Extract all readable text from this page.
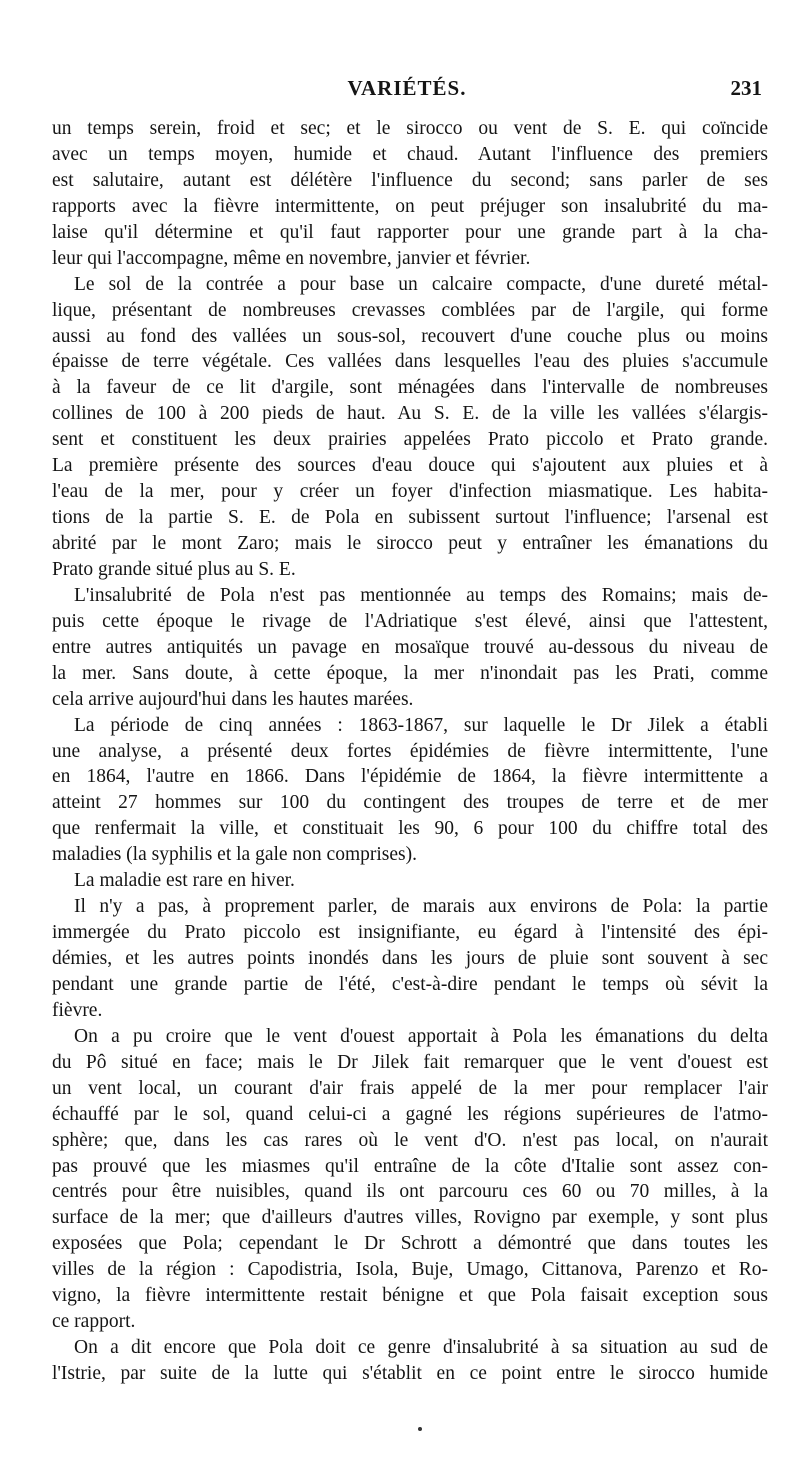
VARIÉTÉS.	231
un temps serein, froid et sec; et le sirocco ou vent de S. E. qui coïncide
avec un temps moyen, humide et chaud. Autant l'influence des premiers
est salutaire, autant est délétère l'influence du second; sans parler de ses
rapports avec la fièvre intermittente, on peut préjuger son insalubrité du ma-
laise qu'il détermine et qu'il faut rapporter pour une grande part à la cha-
leur qui l'accompagne, même en novembre, janvier et février.
Le sol de la contrée a pour base un calcaire compacte, d'une dureté métal-
lique, présentant de nombreuses crevasses comblées par de l'argile, qui forme
aussi au fond des vallées un sous-sol, recouvert d'une couche plus ou moins
épaisse de terre végétale. Ces vallées dans lesquelles l'eau des pluies s'accumule
à la faveur de ce lit d'argile, sont ménagées dans l'intervalle de nombreuses
collines de 100 à 200 pieds de haut. Au S. E. de la ville les vallées s'élargis-
sent et constituent les deux prairies appelées Prato piccolo et Prato grande.
La première présente des sources d'eau douce qui s'ajoutent aux pluies et à
l'eau de la mer, pour y créer un foyer d'infection miasmatique. Les habita-
tions de la partie S. E. de Pola en subissent surtout l'influence; l'arsenal est
abrité par le mont Zaro; mais le sirocco peut y entraîner les émanations du
Prato grande situé plus au S. E.
L'insalubrité de Pola n'est pas mentionnée au temps des Romains; mais de-
puis cette époque le rivage de l'Adriatique s'est élevé, ainsi que l'attestent,
entre autres antiquités un pavage en mosaïque trouvé au-dessous du niveau de
la mer. Sans doute, à cette époque, la mer n'inondait pas les Prati, comme
cela arrive aujourd'hui dans les hautes marées.
La période de cinq années : 1863-1867, sur laquelle le Dr Jilek a établi
une analyse, a présenté deux fortes épidémies de fièvre intermittente, l'une
en 1864, l'autre en 1866. Dans l'épidémie de 1864, la fièvre intermittente a
atteint 27 hommes sur 100 du contingent des troupes de terre et de mer
que renfermait la ville, et constituait les 90, 6 pour 100 du chiffre total des
maladies (la syphilis et la gale non comprises).
La maladie est rare en hiver.
Il n'y a pas, à proprement parler, de marais aux environs de Pola: la partie
immergée du Prato piccolo est insignifiante, eu égard à l'intensité des épi-
démies, et les autres points inondés dans les jours de pluie sont souvent à sec
pendant une grande partie de l'été, c'est-à-dire pendant le temps où sévit la
fièvre.
On a pu croire que le vent d'ouest apportait à Pola les émanations du delta
du Pô situé en face; mais le Dr Jilek fait remarquer que le vent d'ouest est
un vent local, un courant d'air frais appelé de la mer pour remplacer l'air
échauffé par le sol, quand celui-ci a gagné les régions supérieures de l'atmo-
sphère; que, dans les cas rares où le vent d'O. n'est pas local, on n'aurait
pas prouvé que les miasmes qu'il entraîne de la côte d'Italie sont assez con-
centrés pour être nuisibles, quand ils ont parcouru ces 60 ou 70 milles, à la
surface de la mer; que d'ailleurs d'autres villes, Rovigno par exemple, y sont plus
exposées que Pola; cependant le Dr Schrott a démontré que dans toutes les
villes de la région : Capodistria, Isola, Buje, Umago, Cittanova, Parenzo et Ro-
vigno, la fièvre intermittente restait bénigne et que Pola faisait exception sous
ce rapport.
On a dit encore que Pola doit ce genre d'insalubrité à sa situation au sud de
l'Istrie, par suite de la lutte qui s'établit en ce point entre le sirocco humide
